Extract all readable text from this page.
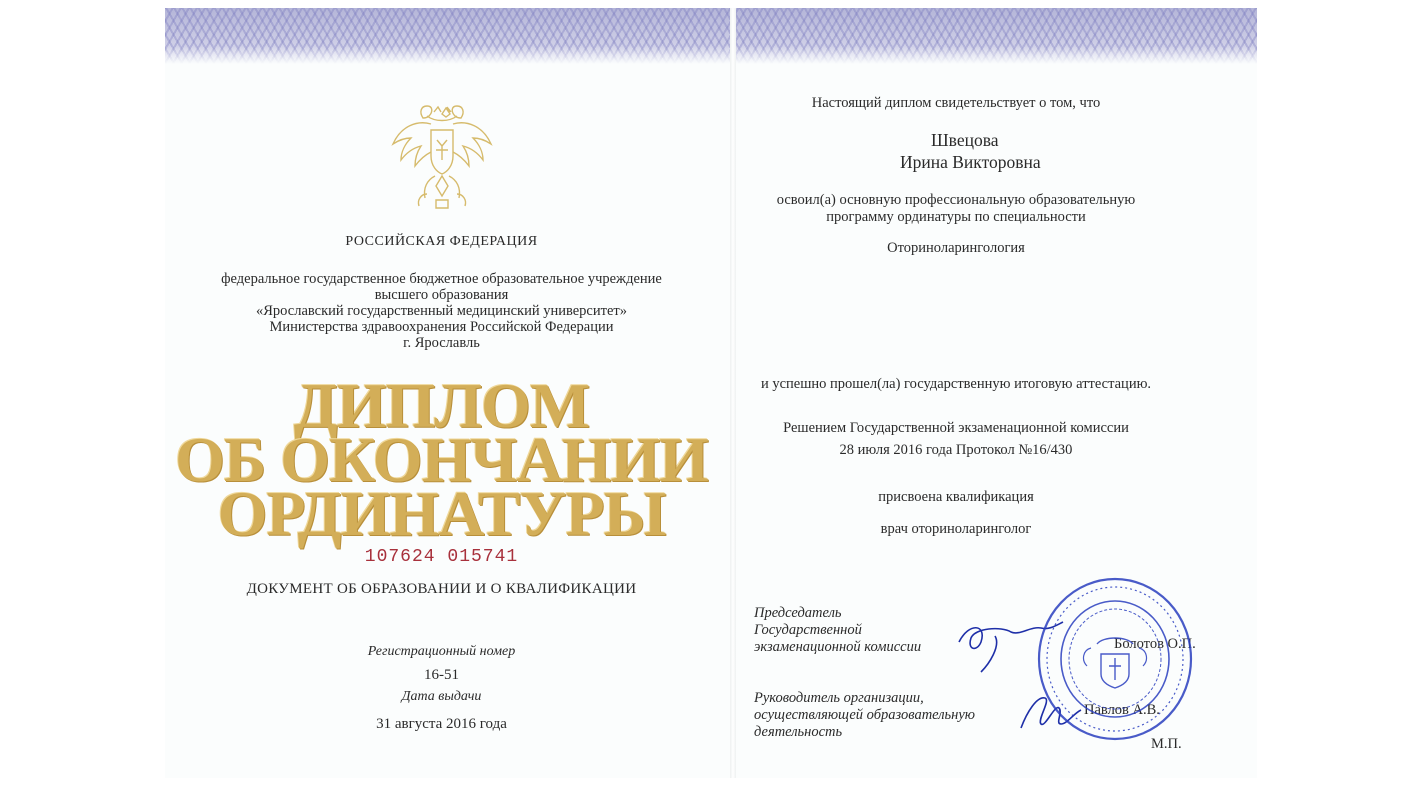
РОССИЙСКАЯ ФЕДЕРАЦИЯ
федеральное государственное бюджетное образовательное учреждение
высшего образования
«Ярославский государственный медицинский университет»
Министерства здравоохранения Российской Федерации
г. Ярославль
ДИПЛОМ
ОБ ОКОНЧАНИИ
ОРДИНАТУРЫ
107624 015741
ДОКУМЕНТ ОБ ОБРАЗОВАНИИ И О КВАЛИФИКАЦИИ
Регистрационный номер
16-51
Дата выдачи
31 августа 2016 года
Настоящий диплом свидетельствует о том, что
Швецова
Ирина Викторовна
освоил(а) основную профессиональную образовательную
программу ординатуры по специальности
Оториноларингология
и успешно прошел(ла) государственную итоговую аттестацию.
Решением Государственной экзаменационной комиссии
28 июля 2016 года Протокол №16/430
присвоена квалификация
врач оториноларинголог
Председатель
Государственной
экзаменационной комиссии	Болотов О.П.
Руководитель организации,
осуществляющей образовательную
деятельность
Павлов А.В.
М.П.
